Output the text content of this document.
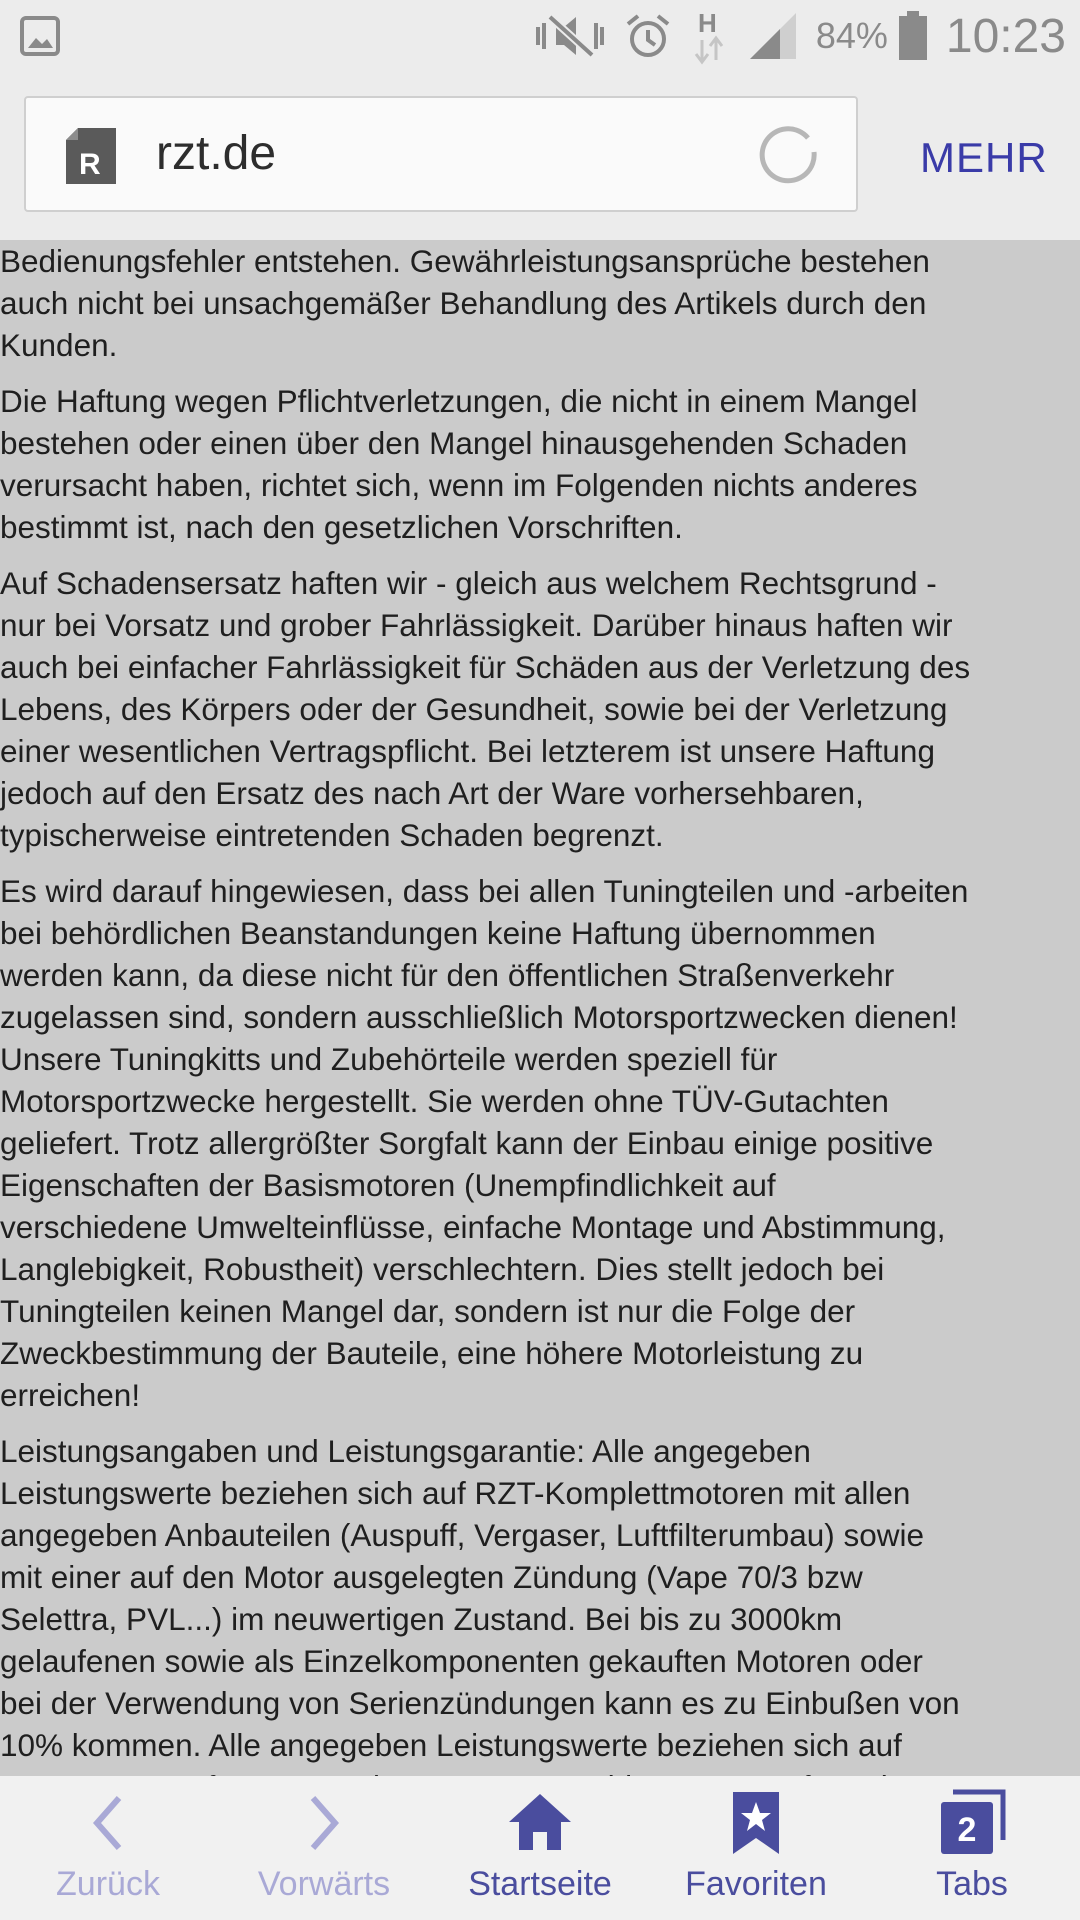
H	84% 10:23
R rzt.de	MEHR

Bedienungsfehler entstehen. Gewährleistungsansprüche bestehen
auch nicht bei unsachgemäßer Behandlung des Artikels durch den
Kunden.

Die Haftung wegen Pflichtverletzungen, die nicht in einem Mangel
bestehen oder einen über den Mangel hinausgehenden Schaden
verursacht haben, richtet sich, wenn im Folgenden nichts anderes
bestimmt ist, nach den gesetzlichen Vorschriften.

Auf Schadensersatz haften wir - gleich aus welchem Rechtsgrund -
nur bei Vorsatz und grober Fahrlässigkeit. Darüber hinaus haften wir
auch bei einfacher Fahrlässigkeit für Schäden aus der Verletzung des
Lebens, des Körpers oder der Gesundheit, sowie bei der Verletzung
einer wesentlichen Vertragspflicht. Bei letzterem ist unsere Haftung
jedoch auf den Ersatz des nach Art der Ware vorhersehbaren,
typischerweise eintretenden Schaden begrenzt.

Es wird darauf hingewiesen, dass bei allen Tuningteilen und -arbeiten
bei behördlichen Beanstandungen keine Haftung übernommen
werden kann, da diese nicht für den öffentlichen Straßenverkehr
zugelassen sind, sondern ausschließlich Motorsportzwecken dienen!
Unsere Tuningkitts und Zubehörteile werden speziell für
Motorsportzwecke hergestellt. Sie werden ohne TÜV-Gutachten
geliefert. Trotz allergrößter Sorgfalt kann der Einbau einige positive
Eigenschaften der Basismotoren (Unempfindlichkeit auf
verschiedene Umwelteinflüsse, einfache Montage und Abstimmung,
Langlebigkeit, Robustheit) verschlechtern. Dies stellt jedoch bei
Tuningteilen keinen Mangel dar, sondern ist nur die Folge der
Zweckbestimmung der Bauteile, eine höhere Motorleistung zu
erreichen!

Leistungsangaben und Leistungsgarantie: Alle angegeben
Leistungswerte beziehen sich auf RZT-Komplettmotoren mit allen
angegeben Anbauteilen (Auspuff, Vergaser, Luftfilterumbau) sowie
mit einer auf den Motor ausgelegten Zündung (Vape 70/3 bzw
Selettra, PVL...) im neuwertigen Zustand. Bei bis zu 3000km
gelaufenen sowie als Einzelkomponenten gekauften Motoren oder
bei der Verwendung von Serienzündungen kann es zu Einbußen von
10% kommen. Alle angegeben Leistungswerte beziehen sich auf

Zurück	Vorwärts	Startseite	Favoriten
2
Tabs
